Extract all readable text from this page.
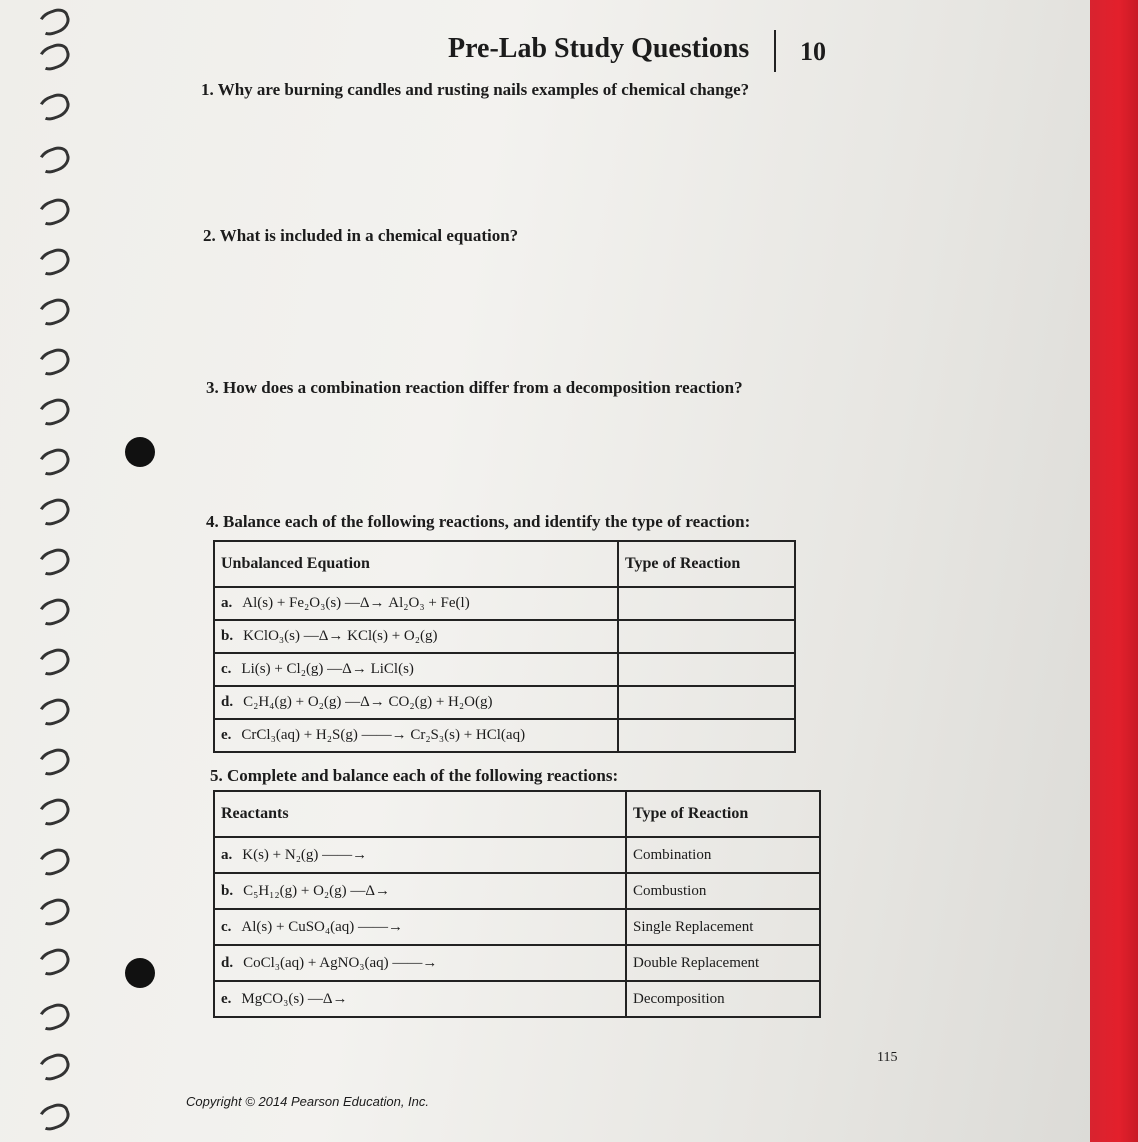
Pre-Lab Study Questions 10
1. Why are burning candles and rusting nails examples of chemical change?
2. What is included in a chemical equation?
3. How does a combination reaction differ from a decomposition reaction?
4. Balance each of the following reactions, and identify the type of reaction:
Unbalanced Equation	Type of Reaction
a. Al(s) + Fe₂O₃(s) —Δ→ Al₂O₃ + Fe(l)	
b. KClO₃(s) —Δ→ KCl(s) + O₂(g)	
c. Li(s) + Cl₂(g) —Δ→ LiCl(s)	
d. C₂H₄(g) + O₂(g) —Δ→ CO₂(g) + H₂O(g)	
e. CrCl₃(aq) + H₂S(g) ——→ Cr₂S₃(s) + HCl(aq)	
5. Complete and balance each of the following reactions:
Reactants	Type of Reaction
a. K(s) + N₂(g) ——→	Combination
b. C₅H₁₂(g) + O₂(g) —Δ→	Combustion
c. Al(s) + CuSO₄(aq) ——→	Single Replacement
d. CoCl₃(aq) + AgNO₃(aq) ——→	Double Replacement
e. MgCO₃(s) —Δ→	Decomposition
115
Copyright © 2014 Pearson Education, Inc.
